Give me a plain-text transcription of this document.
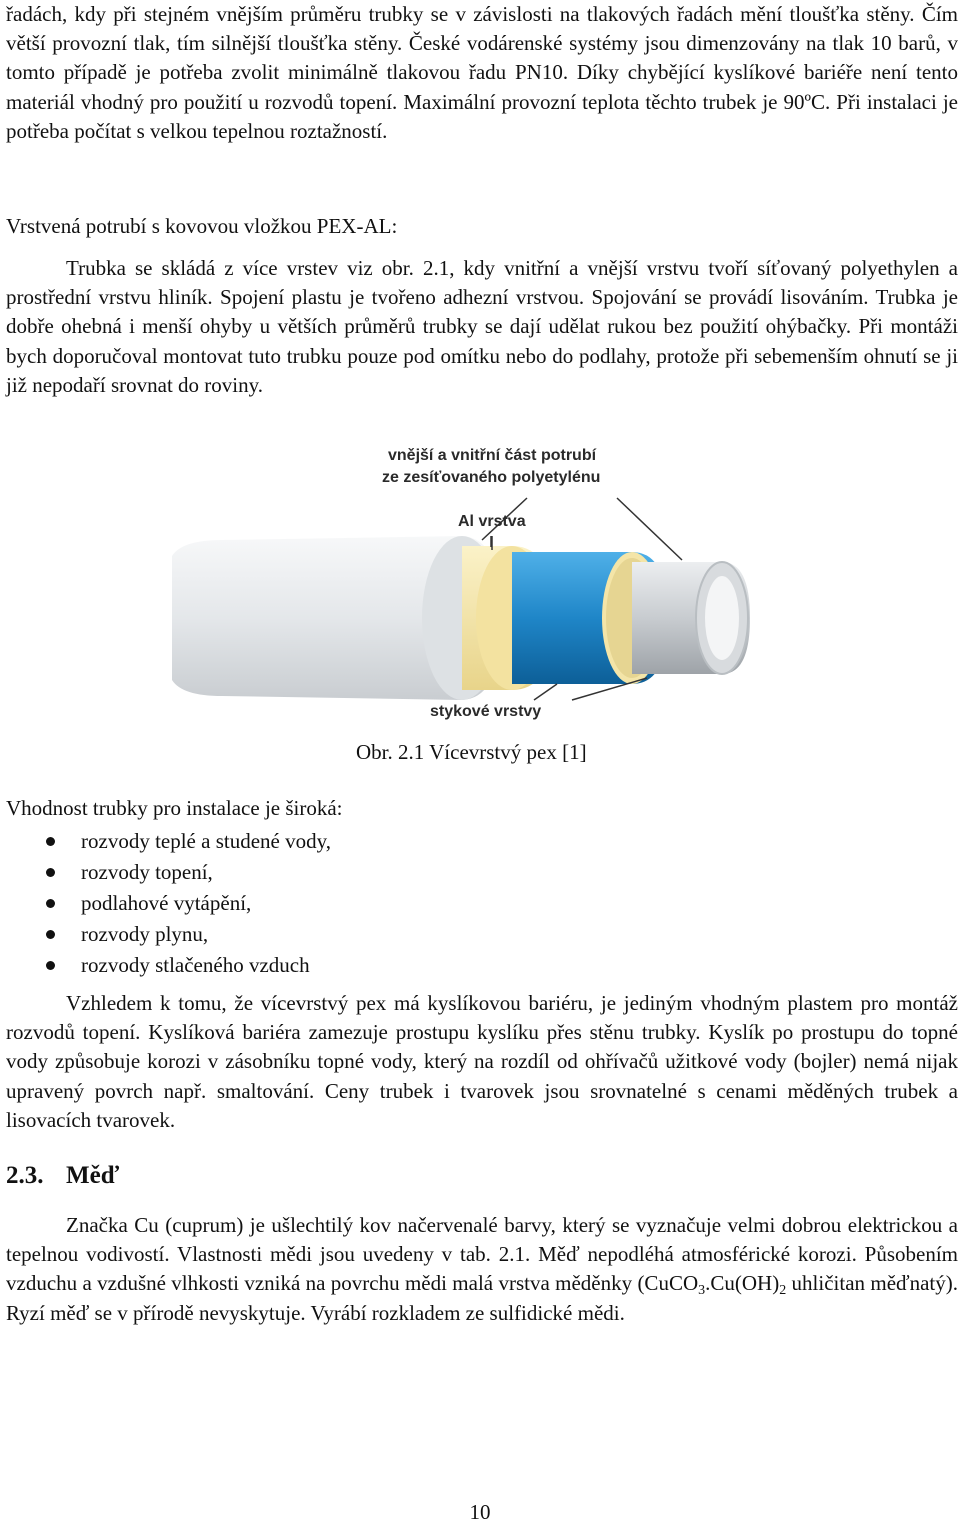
řadách, kdy při stejném vnějším průměru trubky se v závislosti na tlakových řadách mění tloušťka stěny. Čím větší provozní tlak, tím silnější tloušťka stěny. České vodárenské systémy jsou dimenzovány na tlak 10 barů, v tomto případě je potřeba zvolit minimálně tlakovou řadu PN10. Díky chybějící kyslíkové bariéře není tento materiál vhodný pro použití u rozvodů topení. Maximální provozní teplota těchto trubek je 90ºC. Při instalaci je potřeba počítat s velkou tepelnou roztažností.

Vrstvená potrubí s kovovou vložkou PEX-AL:

Trubka se skládá z více vrstev viz obr. 2.1, kdy vnitřní a vnější vrstvu tvoří síťovaný polyethylen a prostřední vrstvu hliník. Spojení plastu je tvořeno adhezní vrstvou. Spojování se provádí lisováním. Trubka je dobře ohebná i menší ohyby u větších průměrů trubky se dají udělat rukou bez použití ohýbačky. Při montáži bych doporučoval montovat tuto trubku pouze pod omítku nebo do podlahy, protože při sebemenším ohnutí se ji již nepodaří srovnat do roviny.

vnější a vnitřní část potrubí
ze zesíťovaného polyetylénu
Al vrstva
stykové vrstvy

Obr. 2.1 Vícevrstvý pex [1]

Vhodnost trubky pro instalace je široká:

rozvody teplé a studené vody,
rozvody topení,
podlahové vytápění,
rozvody plynu,
rozvody stlačeného vzduch

Vzhledem k tomu, že vícevrstvý pex má kyslíkovou bariéru, je jediným vhodným plastem pro montáž rozvodů topení. Kyslíková bariéra zamezuje prostupu kyslíku přes stěnu trubky. Kyslík po prostupu do topné vody způsobuje korozi v zásobníku topné vody, který na rozdíl od ohřívačů užitkové vody (bojler) nemá nijak upravený povrch např. smaltování. Ceny trubek i tvarovek jsou srovnatelné s cenami měděných trubek a lisovacích tvarovek.

2.3. Měď

Značka Cu (cuprum) je ušlechtilý kov načervenalé barvy, který se vyznačuje velmi dobrou elektrickou a tepelnou vodivostí. Vlastnosti mědi jsou uvedeny v tab. 2.1. Měď nepodléhá atmosférické korozi. Působením vzduchu a vzdušné vlhkosti vzniká na povrchu mědi malá vrstva měděnky ($CuCO_3.Cu(OH)_2$ uhličitan měďnatý). Ryzí měď se v přírodě nevyskytuje. Vyrábí rozkladem ze sulfidické mědi.

10
